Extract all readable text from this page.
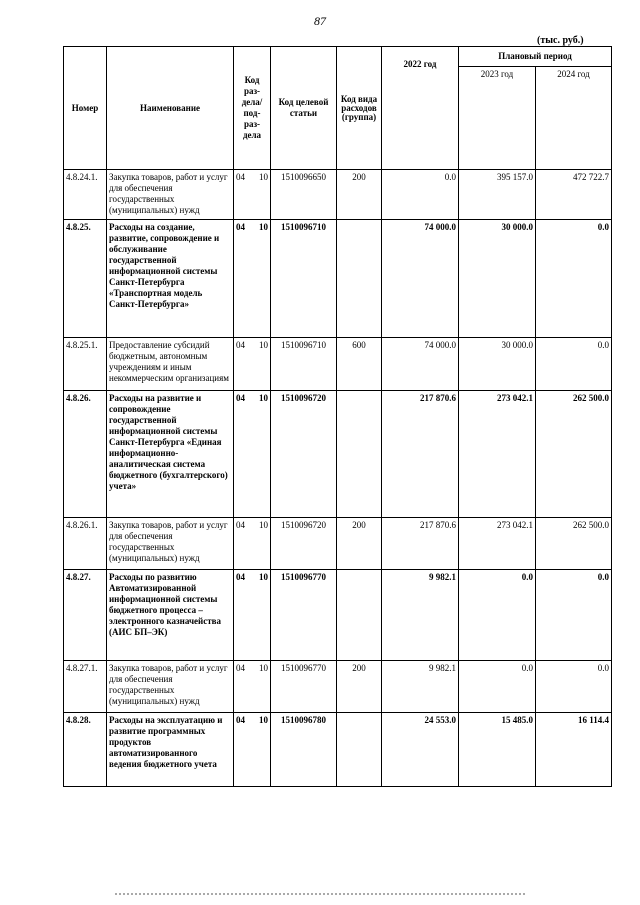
87
(тыс. руб.)
Номер	Наименование	Код раз-дела/ под-раз-дела	Код целевой статьи	Код вида расходов (группа)	2022 год	Плановый период	
						2023 год	2024 год
4.8.24.1.	Закупка товаров, работ и услуг для обеспечения государственных (муниципальных) нужд	04 10	1510096650	200	0.0	395 157.0	472 722.7
4.8.25.	Расходы на создание, развитие, сопровождение и обслуживание государственной информационной системы Санкт-Петербурга «Транспортная модель Санкт-Петербурга»	04 10	1510096710		74 000.0	30 000.0	0.0
4.8.25.1.	Предоставление субсидий бюджетным, автономным учреждениям и иным некоммерческим организациям	04 10	1510096710	600	74 000.0	30 000.0	0.0
4.8.26.	Расходы на развитие и сопровождение государственной информационной системы Санкт-Петербурга «Единая информационно-аналитическая система бюджетного (бухгалтерского) учета»	04 10	1510096720		217 870.6	273 042.1	262 500.0
4.8.26.1.	Закупка товаров, работ и услуг для обеспечения государственных (муниципальных) нужд	04 10	1510096720	200	217 870.6	273 042.1	262 500.0
4.8.27.	Расходы по развитию Автоматизированной информационной системы бюджетного процесса – электронного казначейства (АИС БП–ЭК)	04 10	1510096770		9 982.1	0.0	0.0
4.8.27.1.	Закупка товаров, работ и услуг для обеспечения государственных (муниципальных) нужд	04 10	1510096770	200	9 982.1	0.0	0.0
4.8.28.	Расходы на эксплуатацию и развитие программных продуктов автоматизированного ведения бюджетного учета	04 10	1510096780		24 553.0	15 485.0	16 114.4
